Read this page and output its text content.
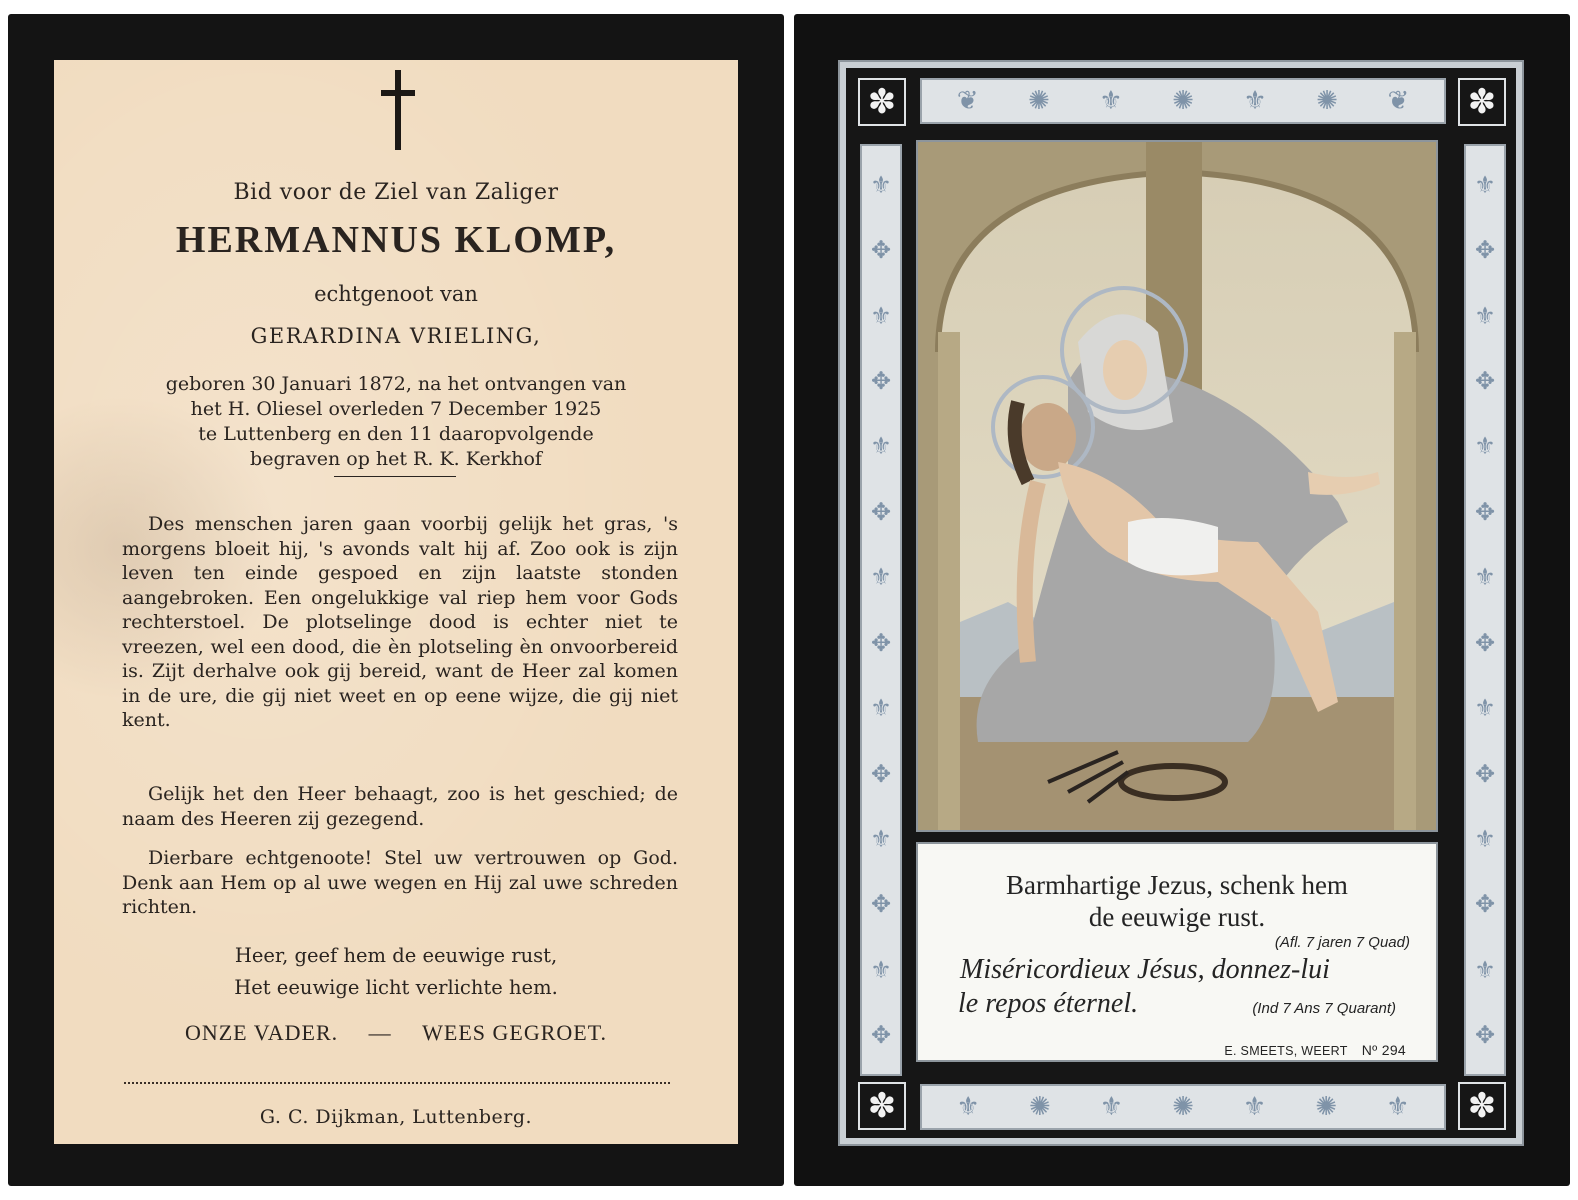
Bid voor de Ziel van Zaliger
HERMANNUS KLOMP,
echtgenoot van
GERARDINA VRIELING,
geboren 30 Januari 1872, na het ontvangen van
het H. Oliesel overleden 7 December 1925
te Luttenberg en den 11 daaropvolgende
begraven op het R. K. Kerkhof

Des menschen jaren gaan voorbij gelijk het gras, 's morgens bloeit hij, 's avonds valt hij af. Zoo ook is zijn leven ten einde gespoed en zijn laatste stonden aangebroken. Een ongelukkige val riep hem voor Gods rechterstoel. De plotselinge dood is echter niet te vreezen, wel een dood, die èn plotseling èn onvoorbereid is. Zijt derhalve ook gij bereid, want de Heer zal komen in de ure, die gij niet weet en op eene wijze, die gij niet kent.

Gelijk het den Heer behaagt, zoo is het geschied; de naam des Heeren zij gezegend.

Dierbare echtgenoote! Stel uw vertrouwen op God. Denk aan Hem op al uwe wegen en Hij zal uwe schreden richten.

Heer, geef hem de eeuwige rust,
Het eeuwige licht verlichte hem.
ONZE VADER. — WEES GEGROET.
G. C. Dijkman, Luttenberg.
❦ ✺ ⚜ ✺ ⚜ ✺ ❦
⚜ ✺ ⚜ ✺ ⚜ ✺ ⚜
⚜
✥
⚜
✥
⚜
✥
⚜
✥
⚜
✥
⚜
✥
⚜
✥
⚜
✥
⚜
✥
⚜
✥
⚜
✥
⚜
✥
⚜
✥
⚜
✥
✽	✽
✽	✽
Barmhartige Jezus, schenk hem
de eeuwige rust.
(Afl. 7 jaren 7 Quad)
Miséricordieux Jésus, donnez-lui
le repos éternel.	(Ind 7 Ans 7 Quarant)
E. SMEETS, WEERT Nº 294
